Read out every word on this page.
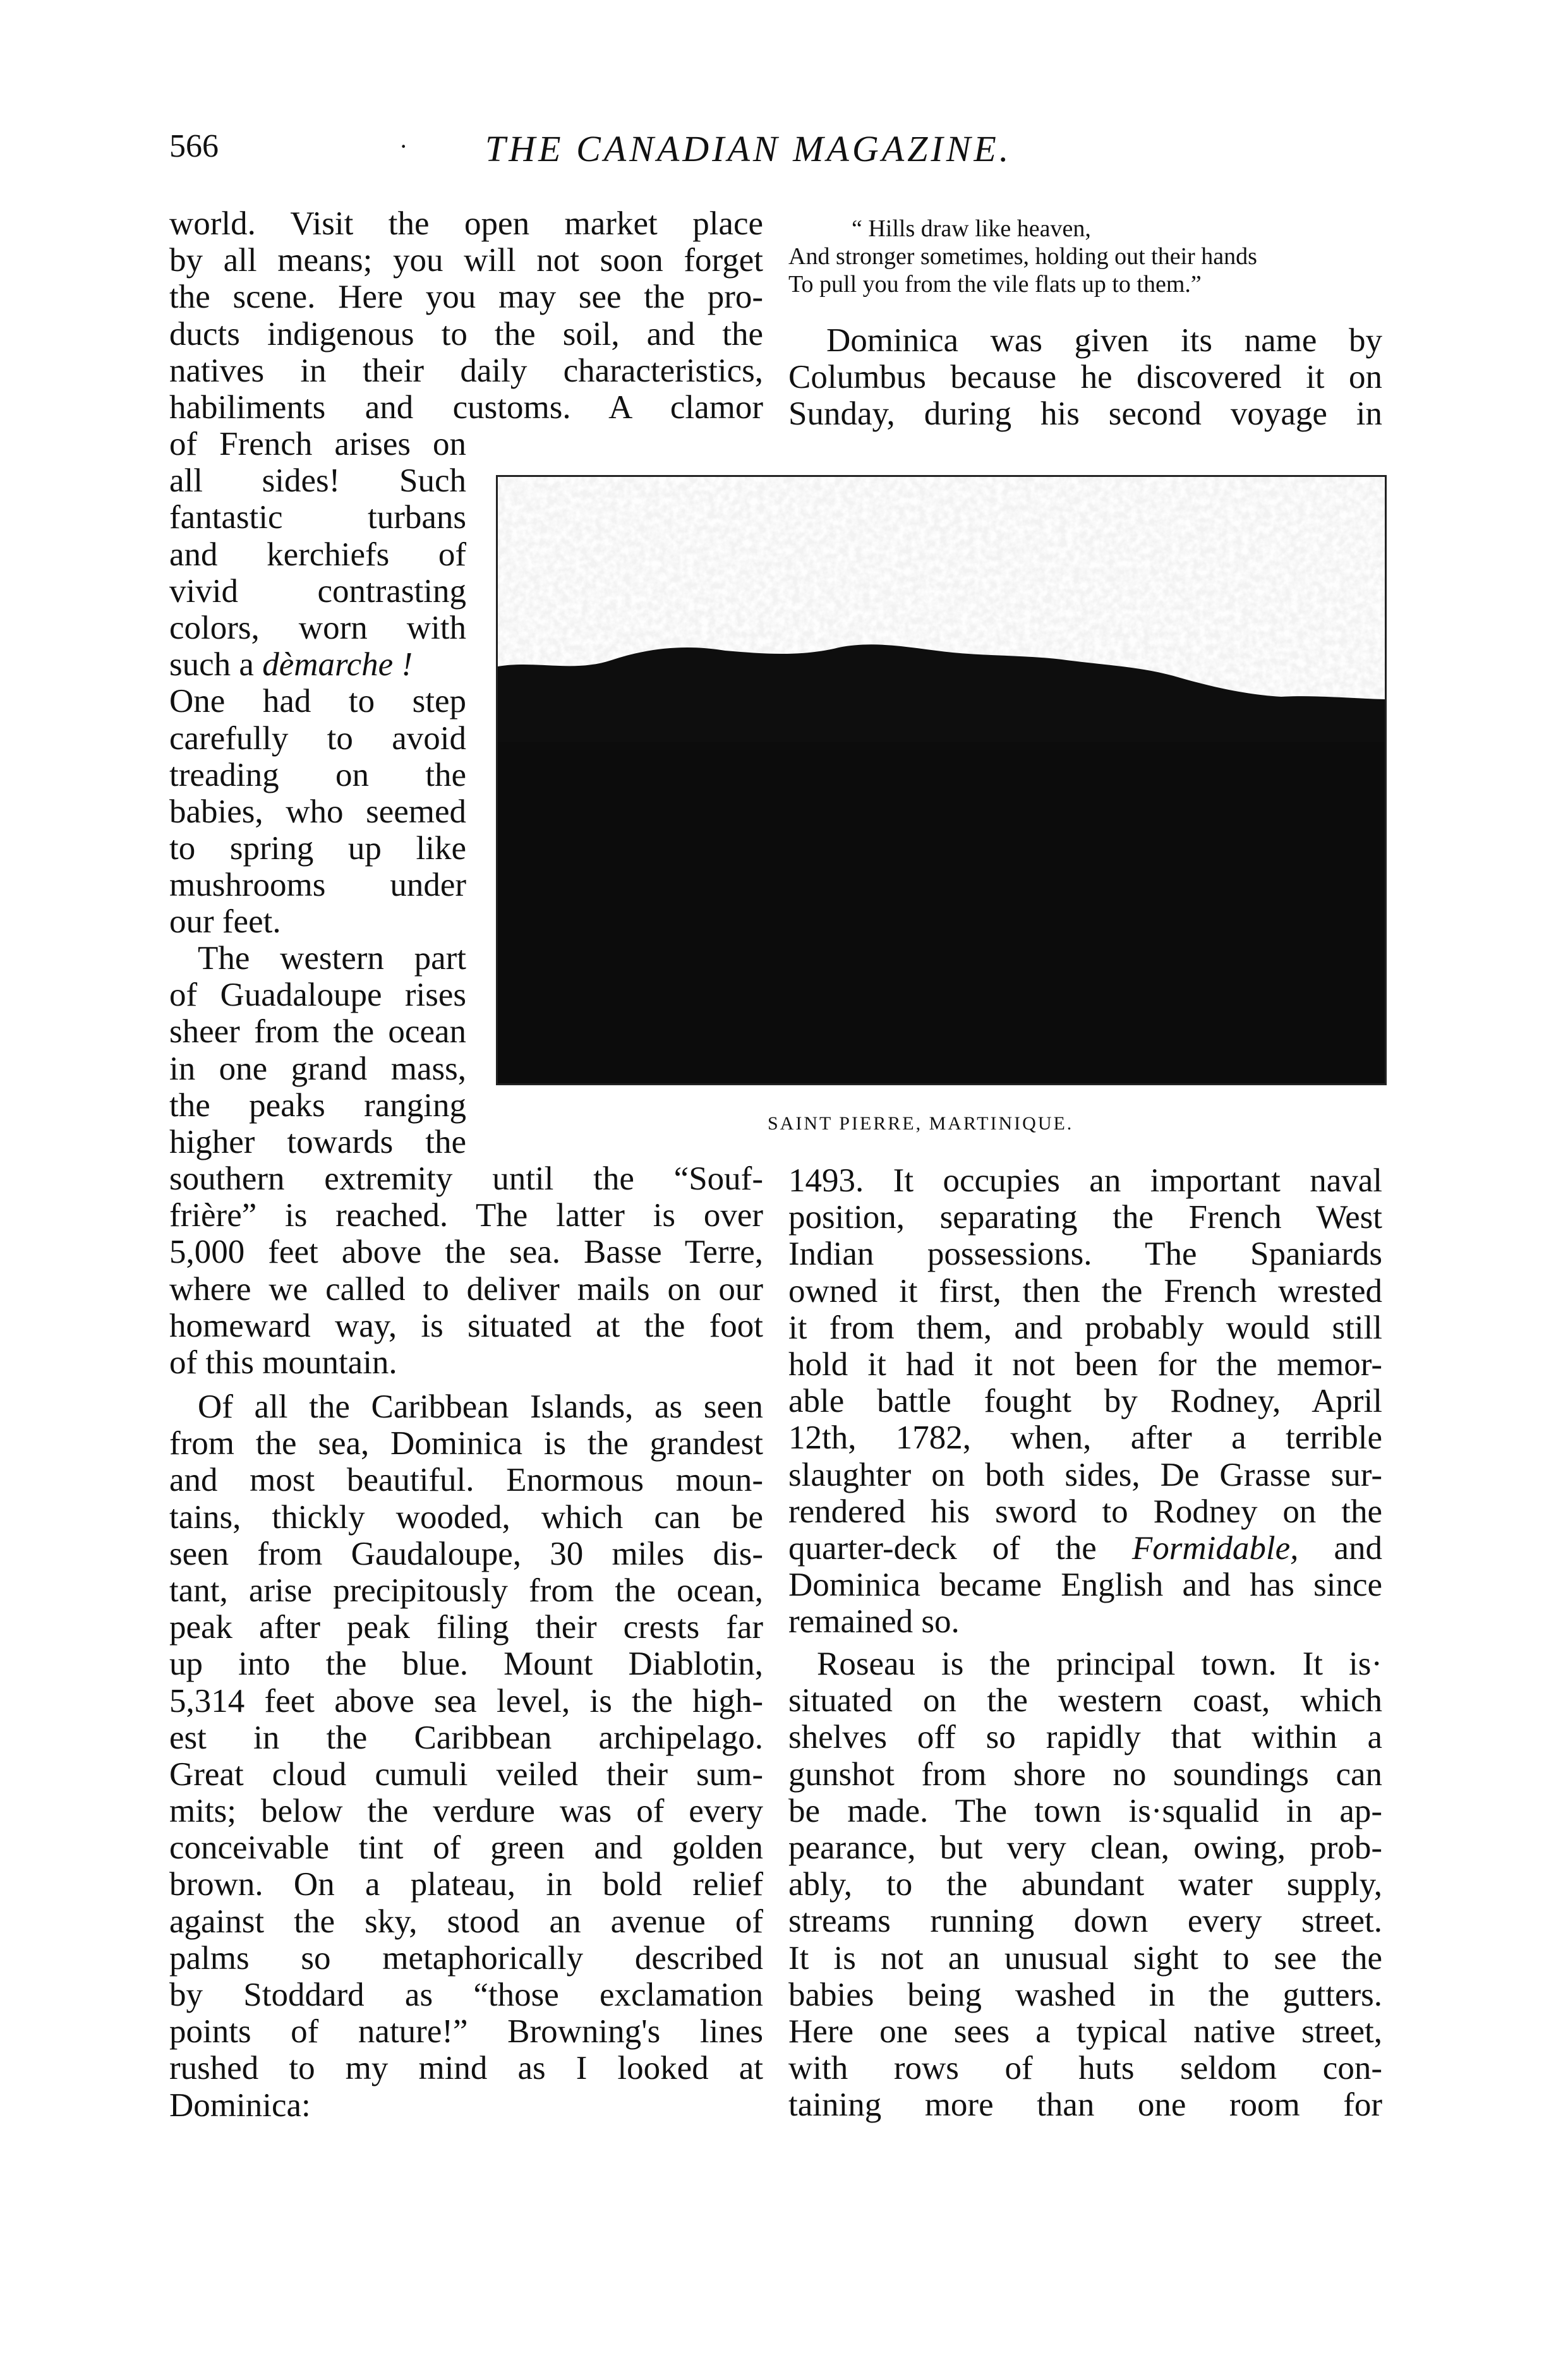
566	· THE CANADIAN MAGAZINE.
world. Visit the open market place
by all means; you will not soon forget
the scene. Here you may see the pro-
ducts indigenous to the soil, and the
natives in their daily characteristics,
habiliments and customs. A clamor
of French arises on
all sides! Such
fantastic turbans
and kerchiefs of
vivid contrasting
colors, worn with
such a dèmarche !
One had to step
carefully to avoid
treading on the
babies, who seemed
to spring up like
mushrooms under
our feet.
The western part
of Guadaloupe rises
sheer from the ocean
in one grand mass,
the peaks ranging
higher towards the
southern extremity until the “Souf-
frière” is reached. The latter is over
5,000 feet above the sea. Basse Terre,
where we called to deliver mails on our
homeward way, is situated at the foot
of this mountain.
Of all the Caribbean Islands, as seen
from the sea, Dominica is the grandest
and most beautiful. Enormous moun-
tains, thickly wooded, which can be
seen from Gaudaloupe, 30 miles dis-
tant, arise precipitously from the ocean,
peak after peak filing their crests far
up into the blue. Mount Diablotin,
5,314 feet above sea level, is the high-
est in the Caribbean archipelago.
Great cloud cumuli veiled their sum-
mits; below the verdure was of every
conceivable tint of green and golden
brown. On a plateau, in bold relief
against the sky, stood an avenue of
palms so metaphorically described
by Stoddard as “those exclamation
points of nature!” Browning's lines
rushed to my mind as I looked at
Dominica:
“ Hills draw like heaven,
And stronger sometimes, holding out their hands
To pull you from the vile flats up to them.”
Dominica was given its name by
Columbus because he discovered it on
Sunday, during his second voyage in
SAINT PIERRE, MARTINIQUE.
1493. It occupies an important naval
position, separating the French West
Indian possessions. The Spaniards
owned it first, then the French wrested
it from them, and probably would still
hold it had it not been for the memor-
able battle fought by Rodney, April
12th, 1782, when, after a terrible
slaughter on both sides, De Grasse sur-
rendered his sword to Rodney on the
quarter-deck of the Formidable, and
Dominica became English and has since
remained so.
Roseau is the principal town. It is·
situated on the western coast, which
shelves off so rapidly that within a
gunshot from shore no soundings can
be made. The town is·squalid in ap-
pearance, but very clean, owing, prob-
ably, to the abundant water supply,
streams running down every street.
It is not an unusual sight to see the
babies being washed in the gutters.
Here one sees a typical native street,
with rows of huts seldom con-
taining more than one room for
